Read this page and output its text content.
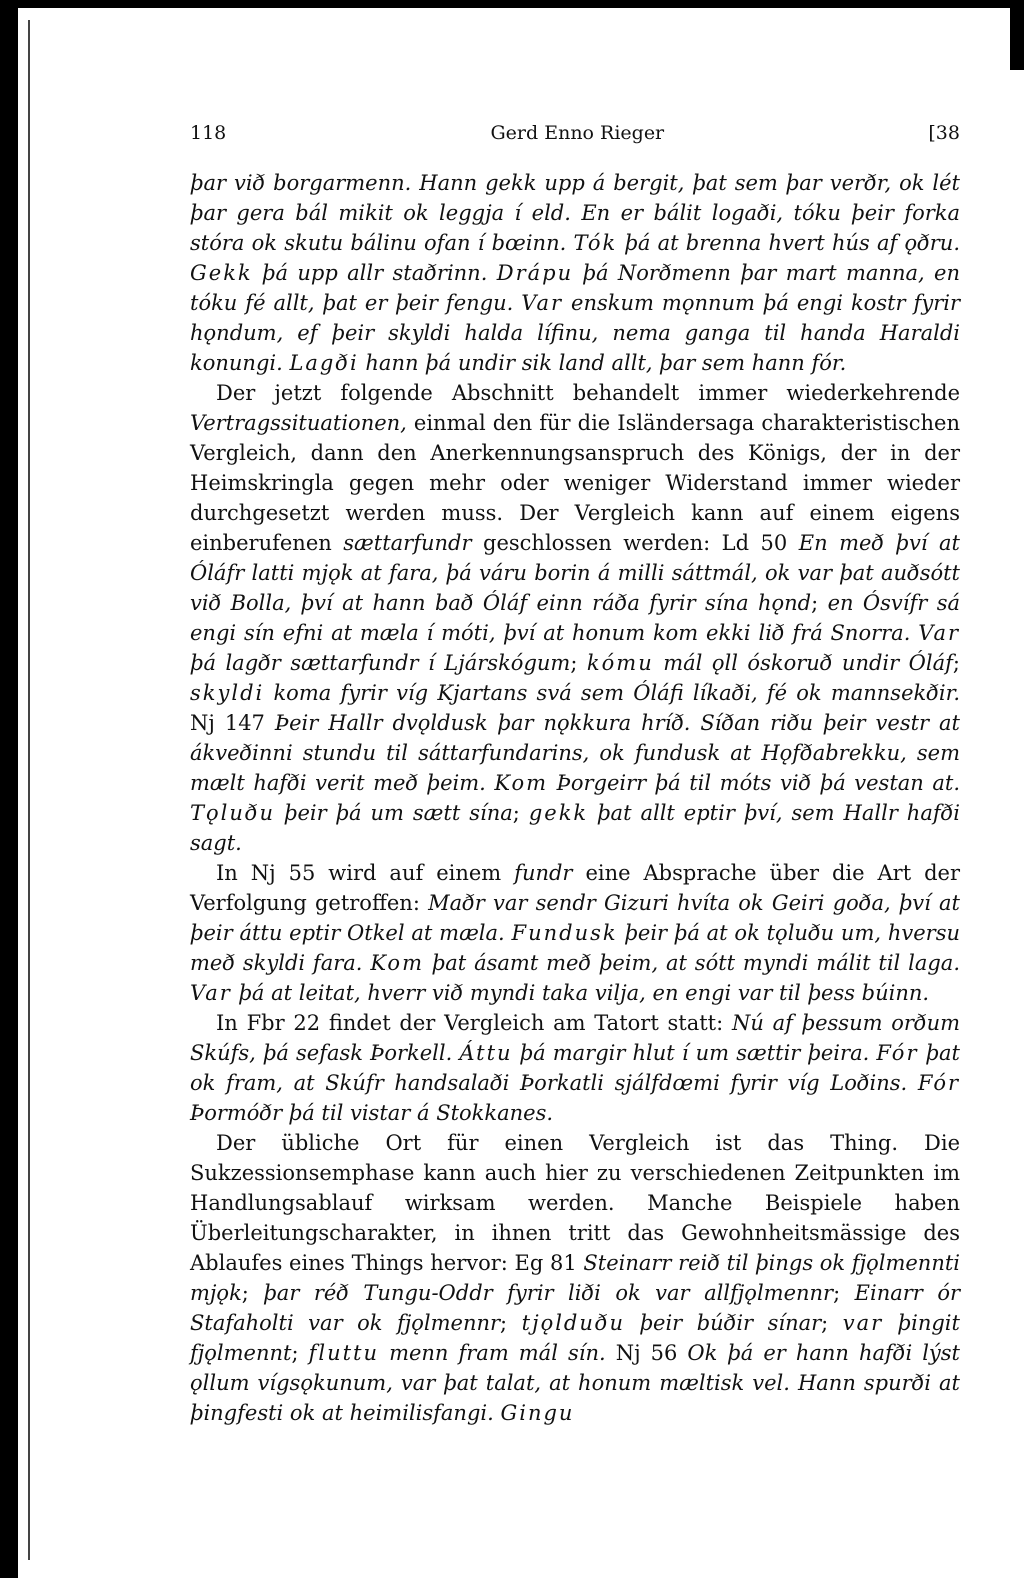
118	Gerd Enno Rieger	[38

þar við borgarmenn. Hann gekk upp á bergit, þat sem þar verðr, ok lét þar gera bál mikit ok leggja í eld. En er bálit logaði, tóku þeir forka stóra ok skutu bálinu ofan í bœinn. Tók þá at brenna hvert hús af ǫðru. Gekk þá upp allr staðrinn. Drápu þá Norðmenn þar mart manna, en tóku fé allt, þat er þeir fengu. Var enskum mǫnnum þá engi kostr fyrir hǫndum, ef þeir skyldi halda lífinu, nema ganga til handa Haraldi konungi. Lagði hann þá undir sik land allt, þar sem hann fór.

Der jetzt folgende Abschnitt behandelt immer wiederkehrende Vertragssituationen, einmal den für die Isländersaga charakteristischen Vergleich, dann den Anerkennungsanspruch des Königs, der in der Heimskringla gegen mehr oder weniger Widerstand immer wieder durchgesetzt werden muss. Der Vergleich kann auf einem eigens einberufenen sættarfundr geschlossen werden: Ld 50 En með því at Óláfr latti mjǫk at fara, þá váru borin á milli sáttmál, ok var þat auðsótt við Bolla, því at hann bað Óláf einn ráða fyrir sína hǫnd; en Ósvífr sá engi sín efni at mæla í móti, því at honum kom ekki lið frá Snorra. Var þá lagðr sættarfundr í Ljárskógum; kómu mál ǫll óskoruð undir Óláf; skyldi koma fyrir víg Kjartans svá sem Óláfi líkaði, fé ok mannsekðir. Nj 147 Þeir Hallr dvǫldusk þar nǫkkura hríð. Síðan riðu þeir vestr at ákveðinni stundu til sáttarfundarins, ok fundusk at Hǫfðabrekku, sem mælt hafði verit með þeim. Kom Þorgeirr þá til móts við þá vestan at. Tǫluðu þeir þá um sætt sína; gekk þat allt eptir því, sem Hallr hafði sagt.

In Nj 55 wird auf einem fundr eine Absprache über die Art der Verfolgung getroffen: Maðr var sendr Gizuri hvíta ok Geiri goða, því at þeir áttu eptir Otkel at mæla. Fundusk þeir þá at ok tǫluðu um, hversu með skyldi fara. Kom þat ásamt með þeim, at sótt myndi málit til laga. Var þá at leitat, hverr við myndi taka vilja, en engi var til þess búinn.

In Fbr 22 findet der Vergleich am Tatort statt: Nú af þessum orðum Skúfs, þá sefask Þorkell. Áttu þá margir hlut í um sættir þeira. Fór þat ok fram, at Skúfr handsalaði Þorkatli sjálfdœmi fyrir víg Loðins. Fór Þormóðr þá til vistar á Stokkanes.

Der übliche Ort für einen Vergleich ist das Thing. Die Sukzessionsemphase kann auch hier zu verschiedenen Zeitpunkten im Handlungsablauf wirksam werden. Manche Beispiele haben Überleitungscharakter, in ihnen tritt das Gewohnheitsmässige des Ablaufes eines Things hervor: Eg 81 Steinarr reið til þings ok fjǫlmennti mjǫk; þar réð Tungu-Oddr fyrir liði ok var allfjǫlmennr; Einarr ór Stafaholti var ok fjǫlmennr; tjǫlduðu þeir búðir sínar; var þingit fjǫlmennt; fluttu menn fram mál sín. Nj 56 Ok þá er hann hafði lýst ǫllum vígsǫkunum, var þat talat, at honum mæltisk vel. Hann spurði at þingfesti ok at heimilisfangi. Gingu
